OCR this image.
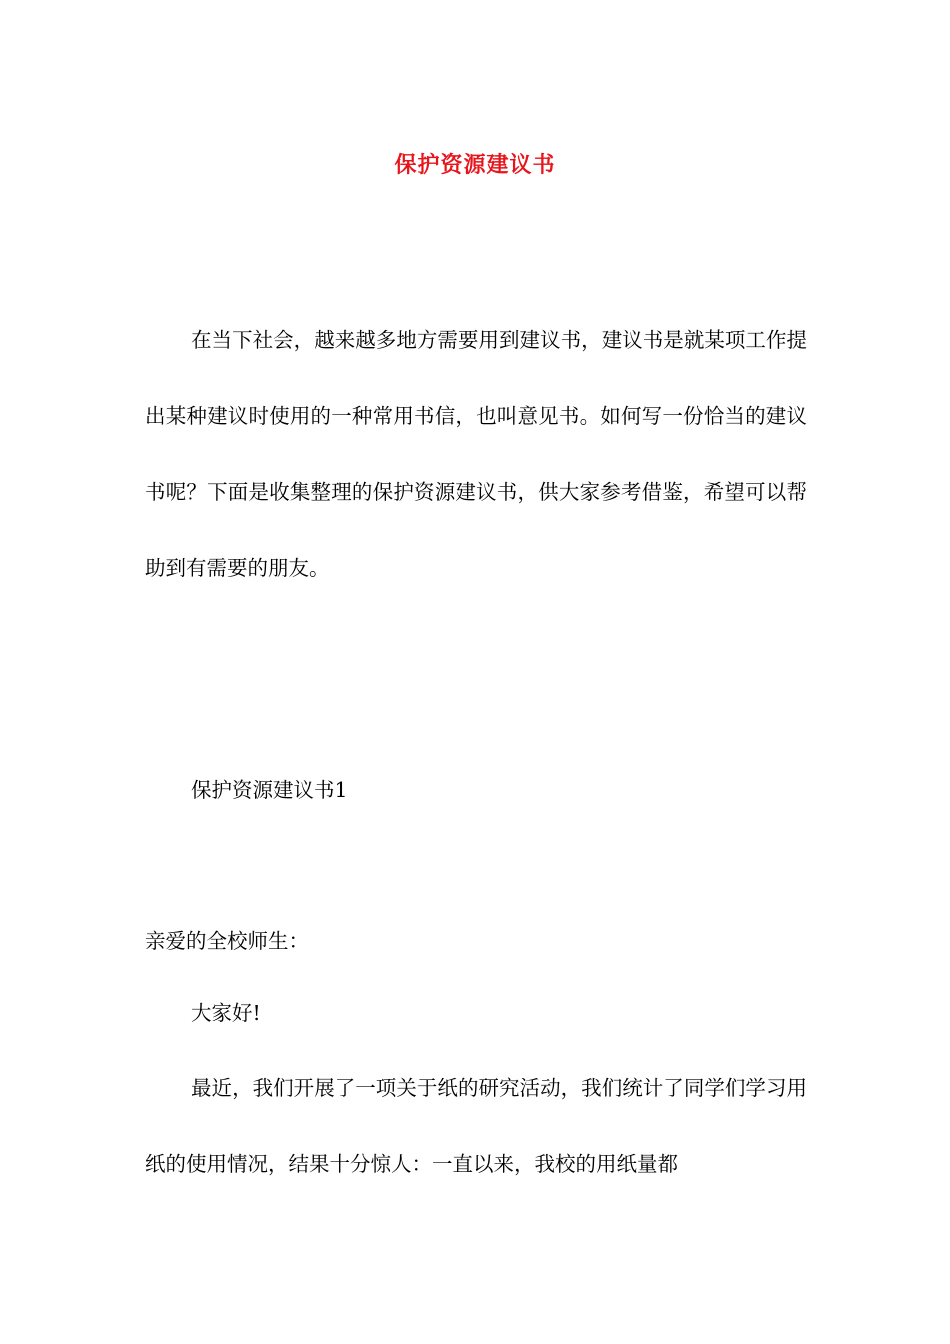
保护资源建议书

在当下社会，越来越多地方需要用到建议书，建议书是就某项工作提出某种建议时使用的一种常用书信，也叫意见书。如何写一份恰当的建议书呢？下面是收集整理的保护资源建议书，供大家参考借鉴，希望可以帮助到有需要的朋友。

保护资源建议书1

亲爱的全校师生：

大家好!

最近，我们开展了一项关于纸的研究活动，我们统计了同学们学习用纸的使用情况，结果十分惊人：一直以来，我校的用纸量都
